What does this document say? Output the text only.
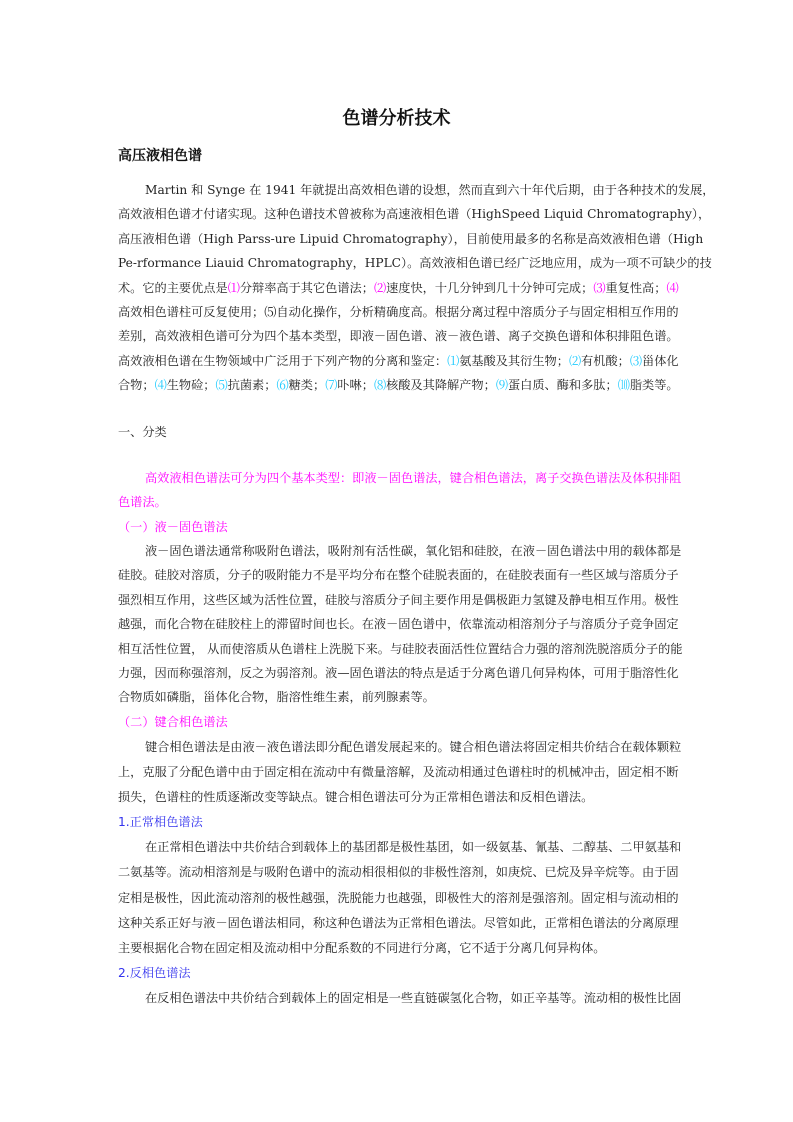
色谱分析技术
高压液相色谱
Martin 和 Synge 在 1941 年就提出高效相色谱的设想，然而直到六十年代后期，由于各种技术的发展，
高效液相色谱才付诸实现。这种色谱技术曾被称为高速液相色谱（HighSpeed Liquid Chromatography），
高压液相色谱（High Parss-ure Lipuid Chromatography），目前使用最多的名称是高效液相色谱（High
Pe-rformance Liauid Chromatography，HPLC）。高效液相色谱已经广泛地应用，成为一项不可缺少的技
术。它的主要优点是⑴分辩率高于其它色谱法；⑵速度快，十几分钟到几十分钟可完成；⑶重复性高；⑷
高效相色谱柱可反复使用；⑸自动化操作，分析精确度高。根据分离过程中溶质分子与固定相相互作用的
差别，高效液相色谱可分为四个基本类型，即液－固色谱、液－液色谱、离子交换色谱和体积排阻色谱。
高效液相色谱在生物领域中广泛用于下列产物的分离和鉴定：⑴氨基酸及其衍生物；⑵有机酸；⑶甾体化
合物；⑷生物硷；⑸抗菌素；⑹糖类；⑺卟啉；⑻核酸及其降解产物；⑼蛋白质、酶和多肽；⑽脂类等。
一、分类
高效液相色谱法可分为四个基本类型：即液－固色谱法，键合相色谱法，离子交换色谱法及体积排阻
色谱法。
（一）液－固色谱法
液－固色谱法通常称吸附色谱法，吸附剂有活性碳，氧化铝和硅胶，在液－固色谱法中用的载体都是
硅胶。硅胶对溶质，分子的吸附能力不是平均分布在整个硅脱表面的，在硅胶表面有一些区域与溶质分子
强烈相互作用，这些区域为活性位置，硅胶与溶质分子间主要作用是偶极距力氢键及静电相互作用。极性
越强，而化合物在硅胶柱上的滞留时间也长。在液－固色谱中，依靠流动相溶剂分子与溶质分子竞争固定
相互活性位置， 从而使溶质从色谱柱上洗脱下来。与硅胶表面活性位置结合力强的溶剂洗脱溶质分子的能
力强，因而称强溶剂，反之为弱溶剂。液—固色谱法的特点是适于分离色谱几何异构体，可用于脂溶性化
合物质如磷脂，甾体化合物，脂溶性维生素，前列腺素等。
（二）键合相色谱法
键合相色谱法是由液－液色谱法即分配色谱发展起来的。键合相色谱法将固定相共价结合在载体颗粒
上，克服了分配色谱中由于固定相在流动中有微量溶解，及流动相通过色谱柱时的机械冲击，固定相不断
损失，色谱柱的性质逐渐改变等缺点。键合相色谱法可分为正常相色谱法和反相色谱法。
1.正常相色谱法
在正常相色谱法中共价结合到载体上的基团都是极性基团，如一级氨基、氰基、二醇基、二甲氨基和
二氨基等。流动相溶剂是与吸附色谱中的流动相很相似的非极性溶剂，如庚烷、已烷及异辛烷等。由于固
定相是极性，因此流动溶剂的极性越强，洗脱能力也越强，即极性大的溶剂是强溶剂。固定相与流动相的
这种关系正好与液－固色谱法相同，称这种色谱法为正常相色谱法。尽管如此，正常相色谱法的分离原理
主要根据化合物在固定相及流动相中分配系数的不同进行分离，它不适于分离几何异构体。
2.反相色谱法
在反相色谱法中共价结合到载体上的固定相是一些直链碳氢化合物，如正辛基等。流动相的极性比固
